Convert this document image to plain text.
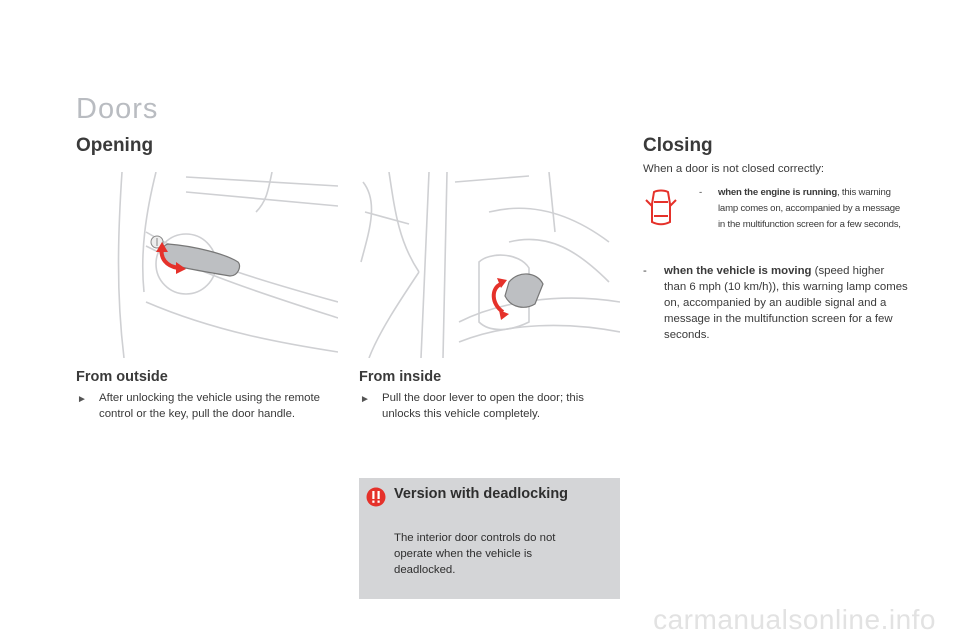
Doors
Opening
From outside
► After unlocking the vehicle using the remote control or the key, pull the door handle.
From inside
► Pull the door lever to open the door; this unlocks this vehicle completely.
Version with deadlocking
The interior door controls do not operate when the vehicle is deadlocked.
Closing
When a door is not closed correctly:
- when the engine is running, this warning lamp comes on, accompanied by a message in the multifunction screen for a few seconds,
- when the vehicle is moving (speed higher than 6 mph (10 km/h)), this warning lamp comes on, accompanied by an audible signal and a message in the multifunction screen for a few seconds.
carmanualsonline.info
